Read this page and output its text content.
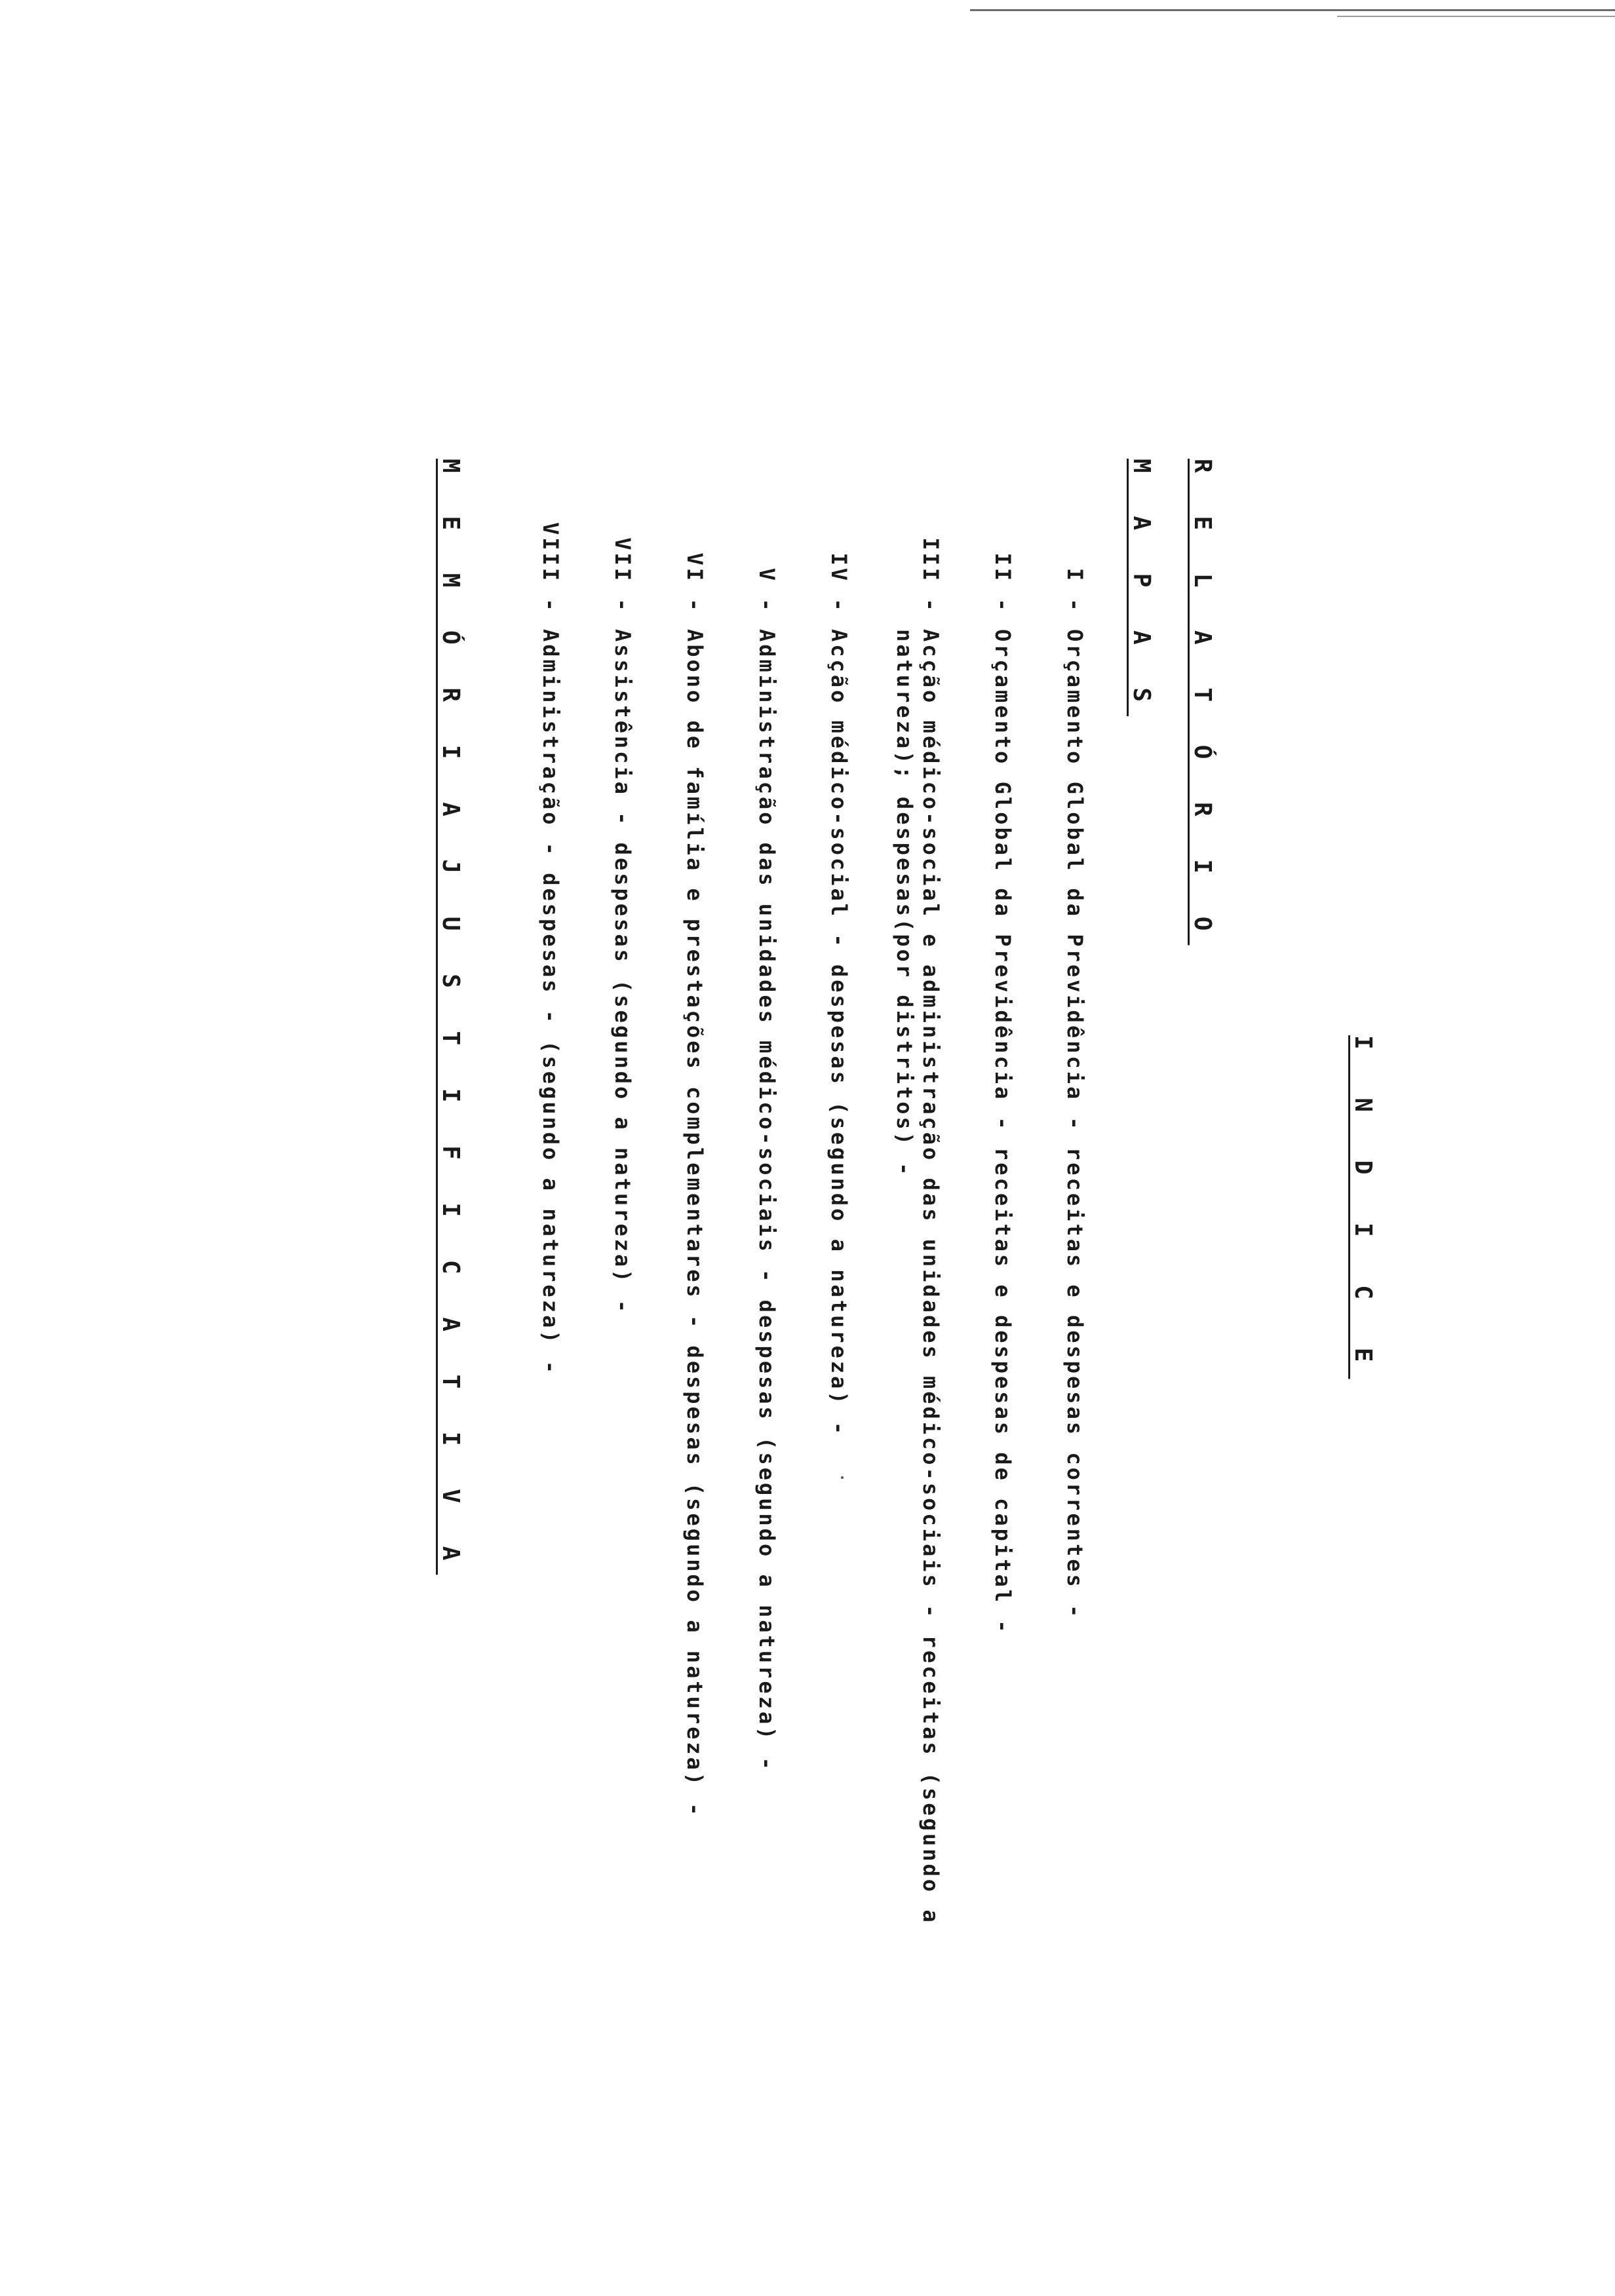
I N D I C E
R E L A T Ó R I O
M A P A S
I
-
Orçamento Global da Previdência - receitas e despesas correntes -
II
-
Orçamento Global da Previdência - receitas e despesas de capital -
III
-
Acção médico-social e administração das unidades médico-sociais - receitas (segundo a
natureza); despesas(por distritos) -
IV
-
Acção médico-social - despesas (segundo a natureza) -
V
-
Administração das unidades médico-sociais - despesas (segundo a natureza) -
VI
-
Abono de família e prestações complementares - despesas (segundo a natureza) -
VII
-
Assistência - despesas (segundo a natureza) -
VIII
-
Administração - despesas - (segundo a natureza) -
M E M Ó R I A J U S T I F I C A T I V A
